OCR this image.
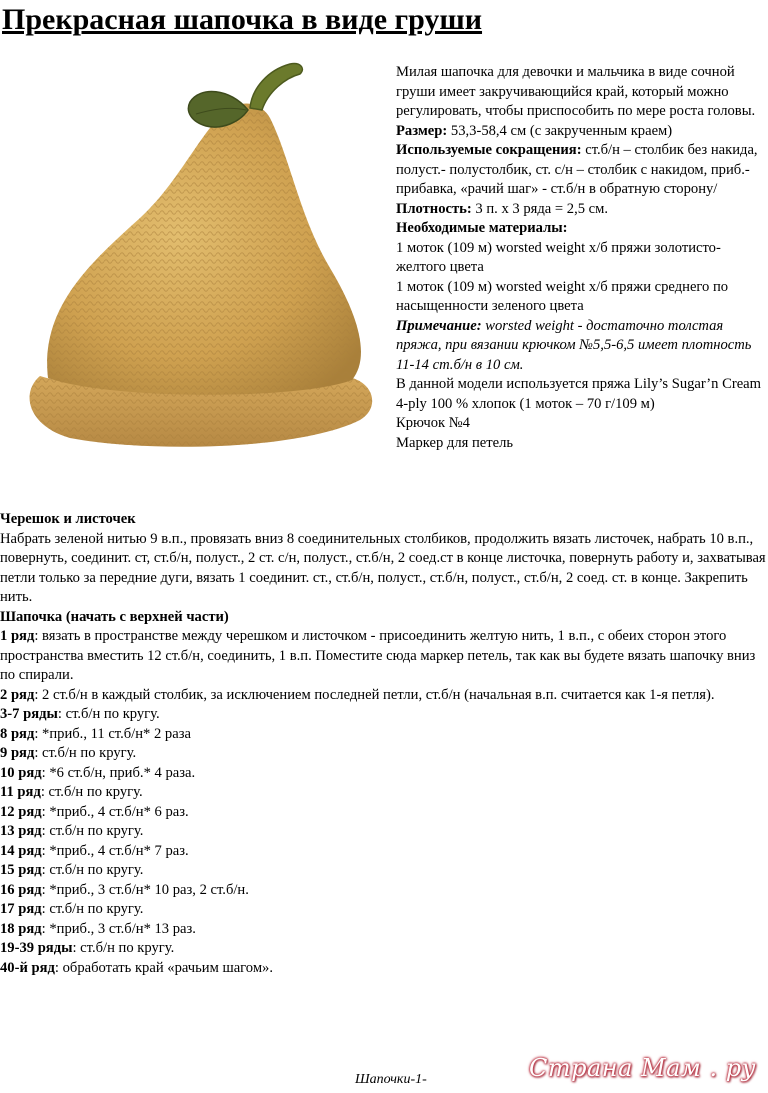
Прекрасная шапочка в виде груши

Милая шапочка для девочки и мальчика в виде сочной груши имеет закручивающийся край, который можно регулировать, чтобы приспособить по мере роста головы.

Размер: 53,3-58,4 см (с закрученным краем)

Используемые сокращения: ст.б/н – столбик без накида, полуст.- полустолбик, ст. с/н – столбик с накидом, приб.- прибавка, «рачий шаг» - ст.б/н в обратную сторону/

Плотность: 3 п. х 3 ряда = 2,5 см.

Необходимые материалы:

1 моток (109 м) worsted weight х/б пряжи золотисто-желтого цвета

1 моток (109 м) worsted weight х/б пряжи среднего по насыщенности зеленого цвета

Примечание: worsted weight - достаточно толстая пряжа, при вязании крючком №5,5-6,5 имеет плотность 11-14 ст.б/н в 10 см.

В данной модели используется пряжа Lily’s Sugar’n Cream 4-ply 100 % хлопок (1 моток – 70 г/109 м)

Крючок №4

Маркер для петель

Черешок и листочек

Набрать зеленой нитью 9 в.п., провязать вниз 8 соединительных столбиков, продолжить вязать листочек, набрать 10 в.п., повернуть, соединит. ст, ст.б/н, полуст., 2 ст. с/н, полуст., ст.б/н, 2 соед.ст в конце листочка, повернуть работу и, захватывая петли только за передние дуги, вязать 1 соединит. ст., ст.б/н, полуст., ст.б/н, полуст., ст.б/н, 2 соед. ст. в конце. Закрепить нить.

Шапочка (начать с верхней части)

1 ряд: вязать в пространстве между черешком и листочком - присоединить желтую нить, 1 в.п., с обеих сторон этого пространства вместить 12 ст.б/н, соединить, 1 в.п. Поместите сюда маркер петель, так как вы будете вязать шапочку вниз по спирали.

2 ряд: 2 ст.б/н в каждый столбик, за исключением последней петли, ст.б/н (начальная в.п. считается как 1-я петля).

3-7 ряды: ст.б/н по кругу.

8 ряд: *приб., 11 ст.б/н* 2 раза

9 ряд: ст.б/н по кругу.

10 ряд: *6 ст.б/н, приб.* 4 раза.

11 ряд: ст.б/н по кругу.

12 ряд: *приб., 4 ст.б/н* 6 раз.

13 ряд: ст.б/н по кругу.

14 ряд: *приб., 4 ст.б/н* 7 раз.

15 ряд: ст.б/н по кругу.

16 ряд: *приб., 3 ст.б/н* 10 раз, 2 ст.б/н.

17 ряд: ст.б/н по кругу.

18 ряд: *приб., 3 ст.б/н* 13 раз.

19-39 ряды: ст.б/н по кругу.

40-й ряд: обработать край «рачьим шагом».

Шапочки-1-	Страна Мам . ру
